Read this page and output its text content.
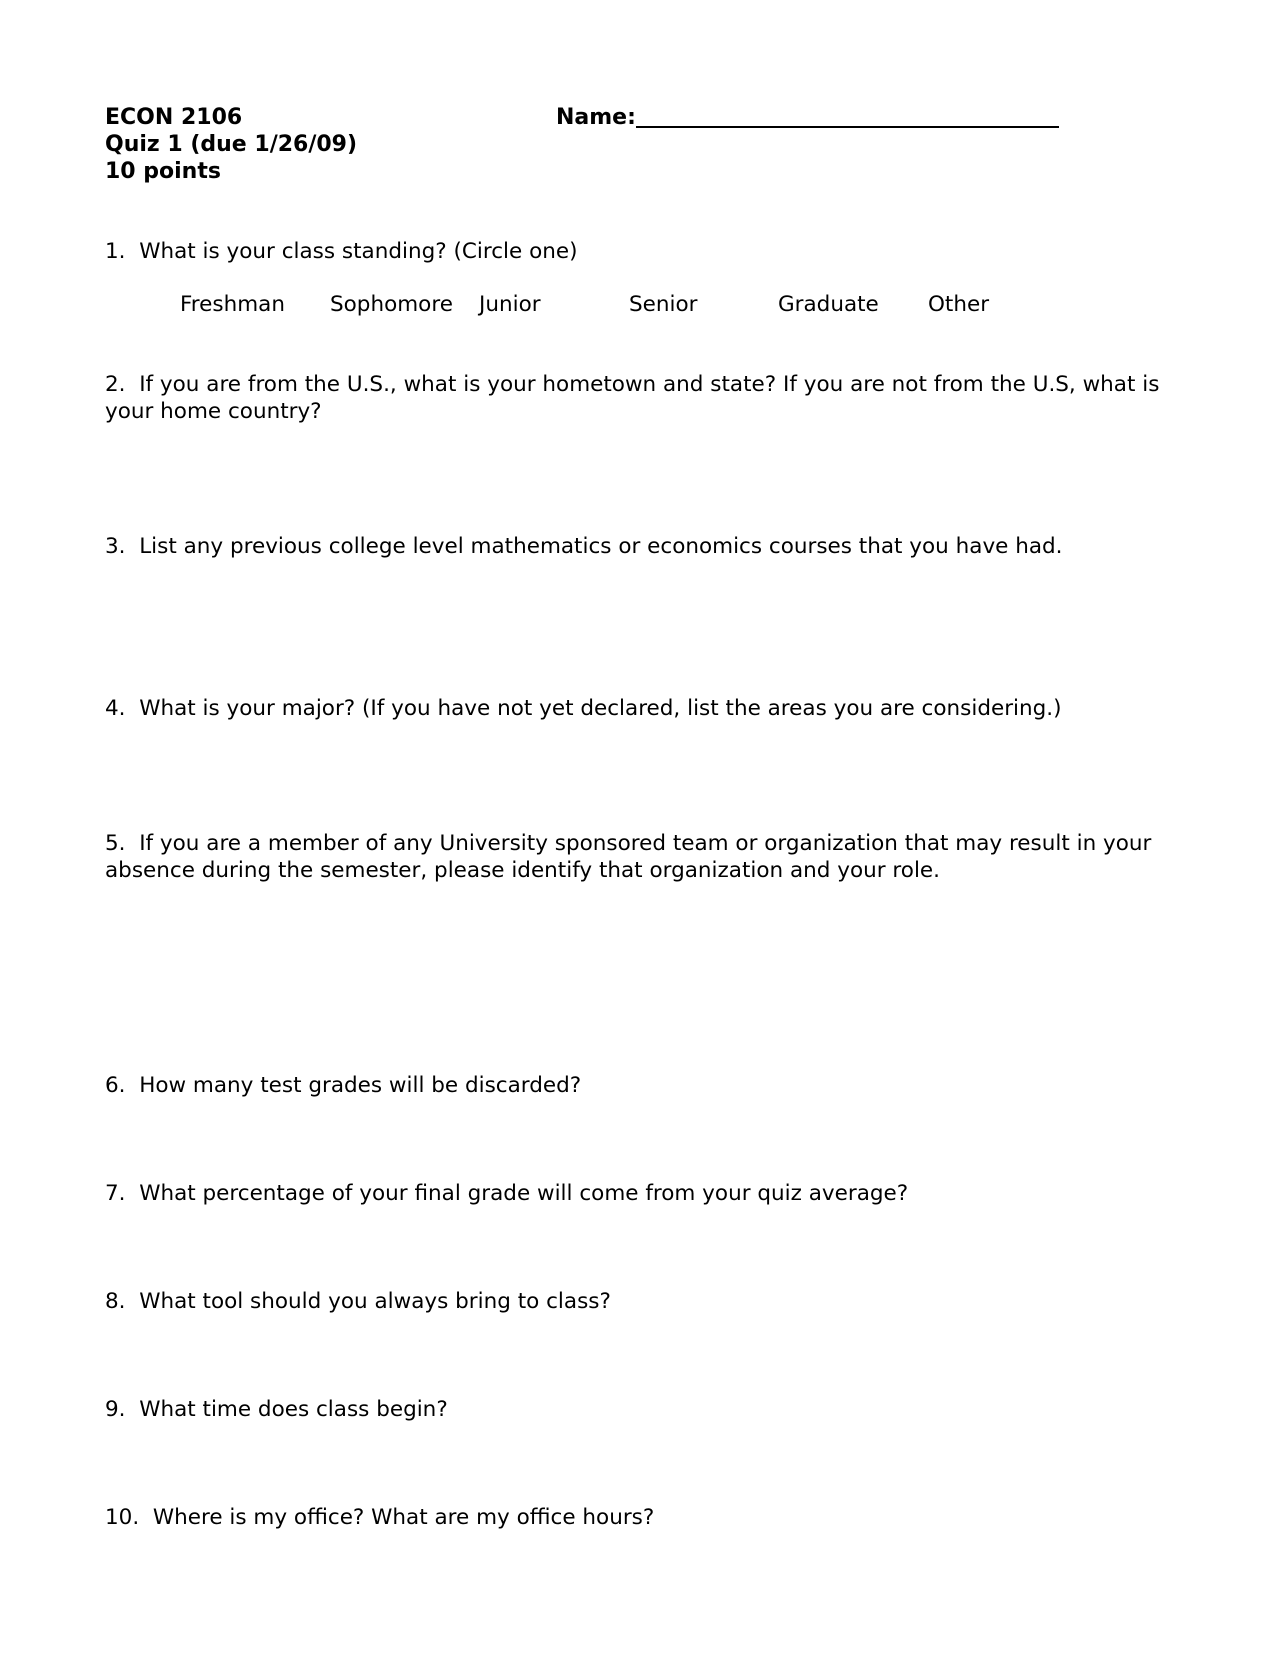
ECON 2106
Quiz 1 (due 1/26/09)
10 points
Name:
1. What is your class standing? (Circle one)
Freshman Sophomore Junior	Senior	Graduate Other
2. If you are from the U.S., what is your hometown and state? If you are not from the U.S, what is your home country?
3. List any previous college level mathematics or economics courses that you have had.
4. What is your major? (If you have not yet declared, list the areas you are considering.)
5. If you are a member of any University sponsored team or organization that may result in your absence during the semester, please identify that organization and your role.
6. How many test grades will be discarded?
7. What percentage of your final grade will come from your quiz average?
8. What tool should you always bring to class?
9. What time does class begin?
10. Where is my office? What are my office hours?
